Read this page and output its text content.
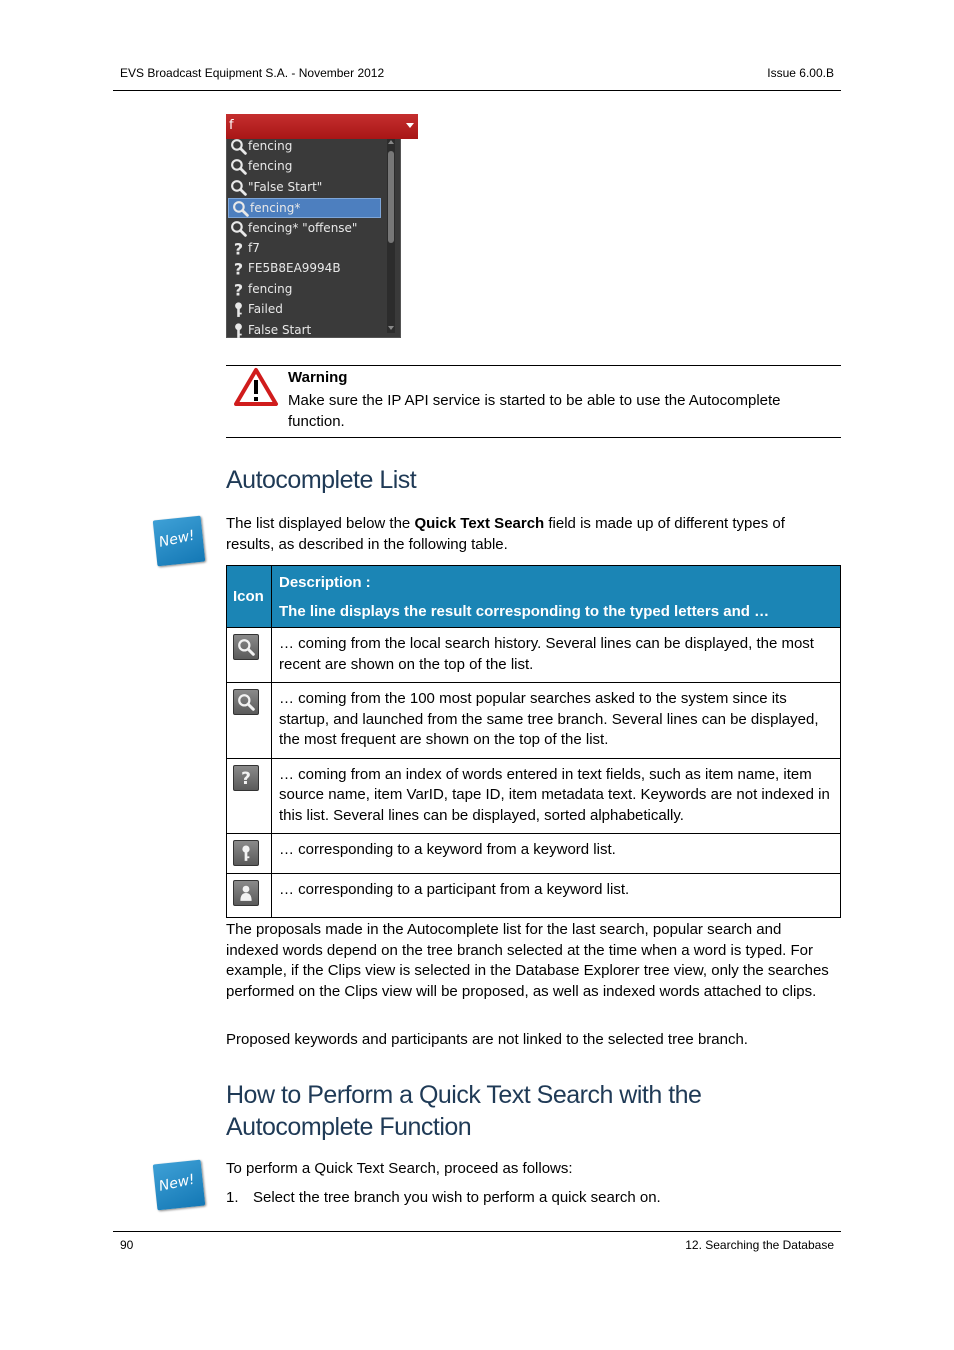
EVS Broadcast Equipment S.A. - November 2012	Issue 6.00.B
fencing
fencing
"False Start"
fencing*
fencing* "offense"
? f7
? FE5B8EA9994B
? fencing
Failed
False Start
f
Warning
Make sure the IP API service is started to be able to use the Autocomplete function.
Autocomplete List
New!
The list displayed below the Quick Text Search field is made up of different types of results, as described in the following table.
Icon	Description :
The line displays the result corresponding to the typed letters and …

	… coming from the local search history. Several lines can be displayed, the most recent are shown on the top of the list.

	… coming from the 100 most popular searches asked to the system since its startup, and launched from the same tree branch. Several lines can be displayed, the most frequent are shown on the top of the list.

?	… coming from an index of words entered in text fields, such as item name, item source name, item VarID, tape ID, item metadata text. Keywords are not indexed in this list. Several lines can be displayed, sorted alphabetically.

	… corresponding to a keyword from a keyword list.

	… corresponding to a participant from a keyword list.
The proposals made in the Autocomplete list for the last search, popular search and indexed words depend on the tree branch selected at the time when a word is typed. For example, if the Clips view is selected in the Database Explorer tree view, only the searches performed on the Clips view will be proposed, as well as indexed words attached to clips.
Proposed keywords and participants are not linked to the selected tree branch.
How to Perform a Quick Text Search with the
Autocomplete Function
New!
To perform a Quick Text Search, proceed as follows:
1. Select the tree branch you wish to perform a quick search on.
90	12. Searching the Database
